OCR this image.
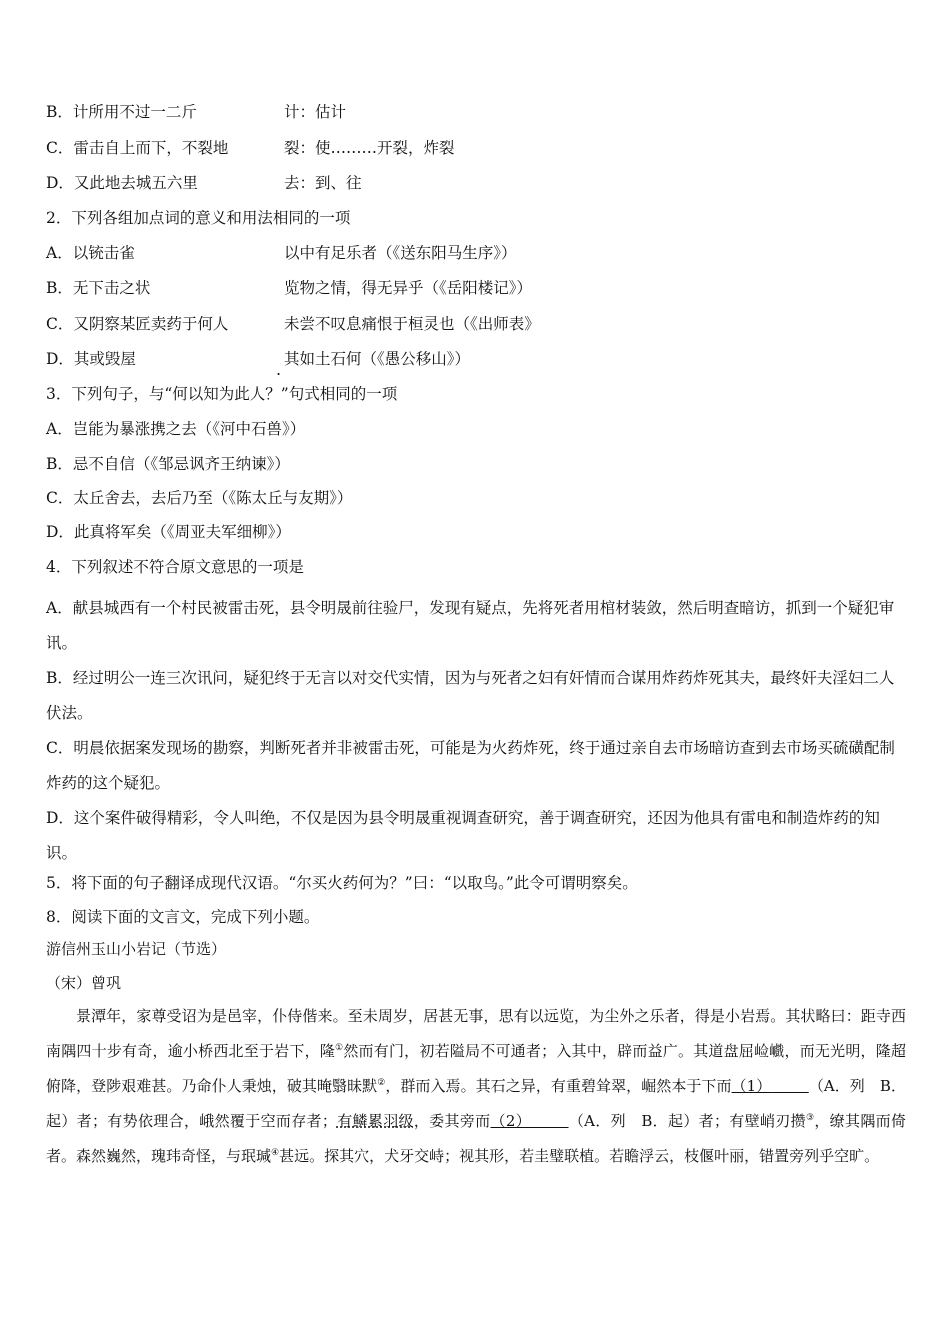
B．计所用不过一二斤	计：估计
C．雷击自上而下，不裂地	裂：使………开裂，炸裂
D．又此地去城五六里	去：到、往
2．下列各组加点词的意义和用法相同的一项
A．以铳击雀	以中有足乐者（《送东阳马生序》）
B．无下击之状	览物之情，得无异乎（《岳阳楼记》）
C．又阴察某匠卖药于何人	未尝不叹息痛恨于桓灵也（《出师表》
D．其或毁屋	其如土石何（《愚公移山》）
.
3．下列句子，与“何以知为此人？”句式相同的一项
A．岂能为暴涨携之去（《河中石兽》）
B．忌不自信（《邹忌讽齐王纳谏》）
C．太丘舍去，去后乃至（《陈太丘与友期》）
D．此真将军矣（《周亚夫军细柳》）
4．下列叙述不符合原文意思的一项是
A．献县城西有一个村民被雷击死，县令明晟前往验尸，发现有疑点，先将死者用棺材装敛，然后明查暗访，抓到一个疑犯审讯。
B．经过明公一连三次讯问，疑犯终于无言以对交代实情，因为与死者之妇有奸情而合谋用炸药炸死其夫，最终奸夫淫妇二人伏法。
C．明晨依据案发现场的勘察，判断死者并非被雷击死，可能是为火药炸死，终于通过亲自去市场暗访查到去市场买硫磺配制炸药的这个疑犯。
D．这个案件破得精彩，令人叫绝，不仅是因为县令明晟重视调查研究，善于调查研究，还因为他具有雷电和制造炸药的知识。
5．将下面的句子翻译成现代汉语。“尔买火药何为？”曰：“以取鸟。”此令可谓明察矣。
8．阅读下面的文言文，完成下列小题。
游信州玉山小岩记（节选）
（宋）曾巩
景潭年，家尊受诏为是邑宰，仆侍偕来。至未周岁，居甚无事，思有以远览，为尘外之乐者，得是小岩焉。其状略曰：距寺西南隅四十步有奇，逾小桥西北至于岩下，隆①然而有门，初若隘局不可通者；入其中，辟而益广。其道盘屈崄巇，而无光明，隆超俯降，登陟艰难甚。乃命仆人秉烛，破其晻翳昧默②，群而入焉。其石之异，有重碧耸翠，崛然本于下而（1）   	（A．列　B．起）者；有势依理合，峨然覆于空而存者；有鳞累羽级，委其旁而（2）   	（A．列　B．起）者；有壁峭刃攒③，缭其隅而倚者。森然巍然，瑰玮奇怪，与珉瑊④甚远。探其穴，犬牙交峙；视其形，若圭璧联植。若瞻浮云，枝偃叶丽，错置旁列乎空旷。
